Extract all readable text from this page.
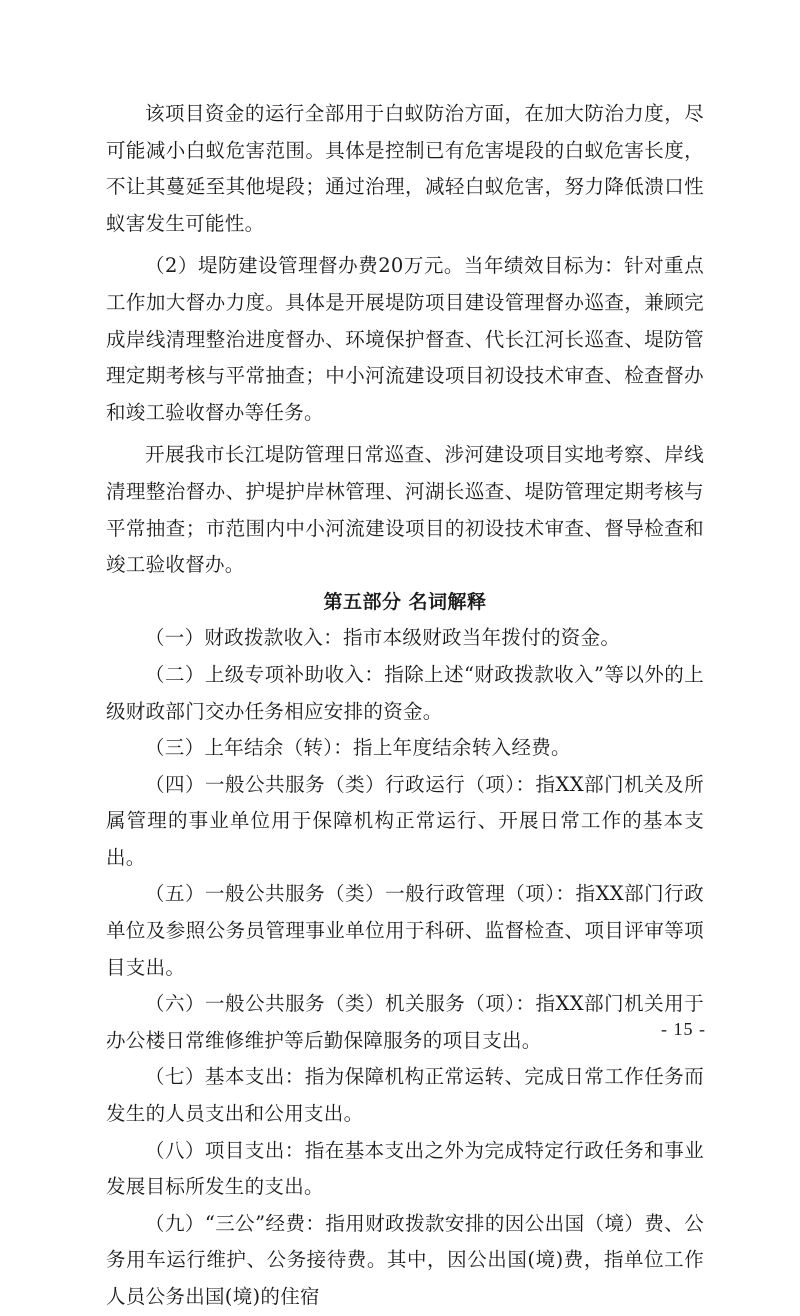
该项目资金的运行全部用于白蚁防治方面，在加大防治力度，尽可能减小白蚁危害范围。具体是控制已有危害堤段的白蚁危害长度，不让其蔓延至其他堤段；通过治理，减轻白蚁危害，努力降低溃口性蚁害发生可能性。

（2）堤防建设管理督办费20万元。当年绩效目标为：针对重点工作加大督办力度。具体是开展堤防项目建设管理督办巡查，兼顾完成岸线清理整治进度督办、环境保护督查、代长江河长巡查、堤防管理定期考核与平常抽查；中小河流建设项目初设技术审查、检查督办和竣工验收督办等任务。

开展我市长江堤防管理日常巡查、涉河建设项目实地考察、岸线清理整治督办、护堤护岸林管理、河湖长巡查、堤防管理定期考核与平常抽查；市范围内中小河流建设项目的初设技术审查、督导检查和竣工验收督办。

第五部分 名词解释

（一）财政拨款收入：指市本级财政当年拨付的资金。

（二）上级专项补助收入：指除上述“财政拨款收入”等以外的上级财政部门交办任务相应安排的资金。

（三）上年结余（转）：指上年度结余转入经费。

（四）一般公共服务（类）行政运行（项）：指XX部门机关及所属管理的事业单位用于保障机构正常运行、开展日常工作的基本支出。

（五）一般公共服务（类）一般行政管理（项）：指XX部门行政单位及参照公务员管理事业单位用于科研、监督检查、项目评审等项目支出。

（六）一般公共服务（类）机关服务（项）：指XX部门机关用于办公楼日常维修维护等后勤保障服务的项目支出。

（七）基本支出：指为保障机构正常运转、完成日常工作任务而发生的人员支出和公用支出。

（八）项目支出：指在基本支出之外为完成特定行政任务和事业发展目标所发生的支出。

（九）“三公”经费：指用财政拨款安排的因公出国（境）费、公务用车运行维护、公务接待费。其中，因公出国(境)费，指单位工作人员公务出国(境)的住宿

- 15 -
